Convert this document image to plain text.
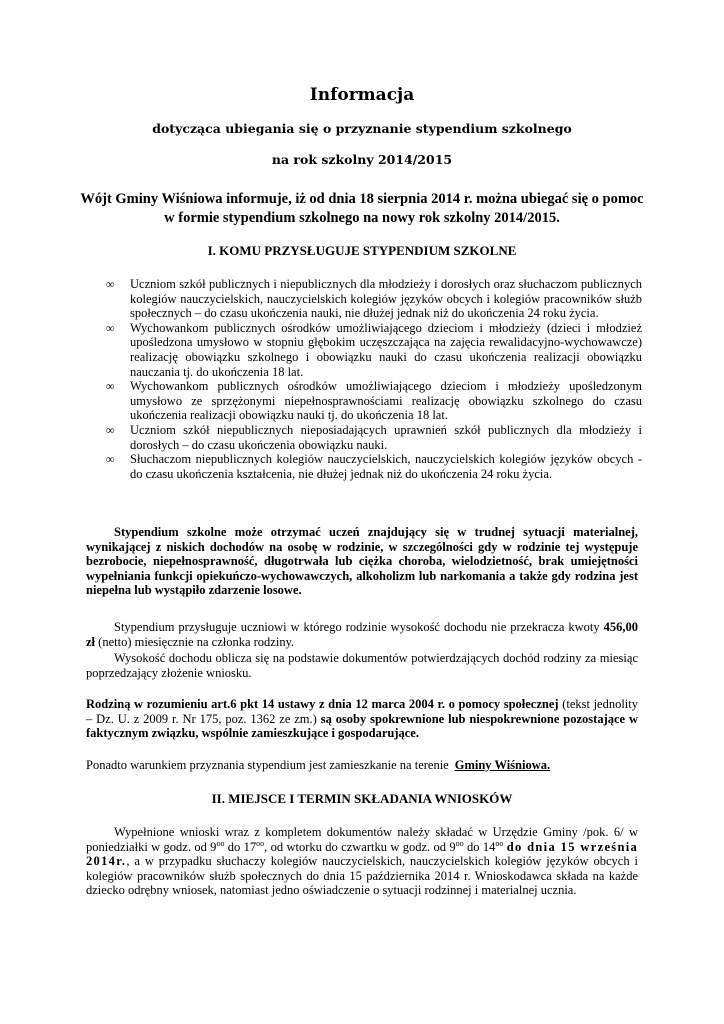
Informacja
dotycząca ubiegania się o przyznanie stypendium szkolnego
na rok szkolny 2014/2015
Wójt Gminy Wiśniowa informuje, iż od dnia 18 sierpnia 2014 r. można ubiegać się o pomoc w formie stypendium szkolnego na nowy rok szkolny 2014/2015.
I. KOMU PRZYSŁUGUJE STYPENDIUM SZKOLNE
∞ Uczniom szkół publicznych i niepublicznych dla młodzieży i dorosłych oraz słuchaczom publicznych kolegiów nauczycielskich, nauczycielskich kolegiów języków obcych i kolegiów pracowników służb społecznych – do czasu ukończenia nauki, nie dłużej jednak niż do ukończenia 24 roku życia.
∞ Wychowankom publicznych ośrodków umożliwiającego dzieciom i młodzieży (dzieci i młodzież upośledzona umysłowo w stopniu głębokim uczęszczająca na zajęcia rewalidacyjno-wychowawcze) realizację obowiązku szkolnego i obowiązku nauki do czasu ukończenia realizacji obowiązku nauczania tj. do ukończenia 18 lat.
∞ Wychowankom publicznych ośrodków umożliwiającego dzieciom i młodzieży upośledzonym umysłowo ze sprzężonymi niepełnosprawnościami realizację obowiązku szkolnego do czasu ukończenia realizacji obowiązku nauki tj. do ukończenia 18 lat.
∞ Uczniom szkół niepublicznych nieposiadających uprawnień szkół publicznych dla młodzieży i dorosłych – do czasu ukończenia obowiązku nauki.
∞ Słuchaczom niepublicznych kolegiów nauczycielskich, nauczycielskich kolegiów języków obcych - do czasu ukończenia kształcenia, nie dłużej jednak niż do ukończenia 24 roku życia.

Stypendium szkolne może otrzymać uczeń znajdujący się w trudnej sytuacji materialnej, wynikającej z niskich dochodów na osobę w rodzinie, w szczególności gdy w rodzinie tej występuje bezrobocie, niepełnosprawność, długotrwała lub ciężka choroba, wielodzietność, brak umiejętności wypełniania funkcji opiekuńczo-wychowawczych, alkoholizm lub narkomania a także gdy rodzina jest niepełna lub wystąpiło zdarzenie losowe.

Stypendium przysługuje uczniowi w którego rodzinie wysokość dochodu nie przekracza kwoty 456,00 zł (netto) miesięcznie na członka rodziny.

Wysokość dochodu oblicza się na podstawie dokumentów potwierdzających dochód rodziny za miesiąc poprzedzający złożenie wniosku.

Rodziną w rozumieniu art.6 pkt 14 ustawy z dnia 12 marca 2004 r. o pomocy społecznej (tekst jednolity – Dz. U. z 2009 r. Nr 175, poz. 1362 ze zm.) są osoby spokrewnione lub niespokrewnione pozostające w faktycznym związku, wspólnie zamieszkujące i gospodarujące.

Ponadto warunkiem przyznania stypendium jest zamieszkanie na terenie Gminy Wiśniowa.

II. MIEJSCE I TERMIN SKŁADANIA WNIOSKÓW

Wypełnione wnioski wraz z kompletem dokumentów należy składać w Urzędzie Gminy /pok. 6/ w poniedziałki w godz. od $9^{oo}$ do $17^{oo}$, od wtorku do czwartku w godz. od $9^{oo}$ do $14^{oo}$ do dnia 15 września 2014r., a w przypadku słuchaczy kolegiów nauczycielskich, nauczycielskich kolegiów języków obcych i kolegiów pracowników służb społecznych do dnia 15 października 2014 r. Wnioskodawca składa na każde dziecko odrębny wniosek, natomiast jedno oświadczenie o sytuacji rodzinnej i materialnej ucznia.
